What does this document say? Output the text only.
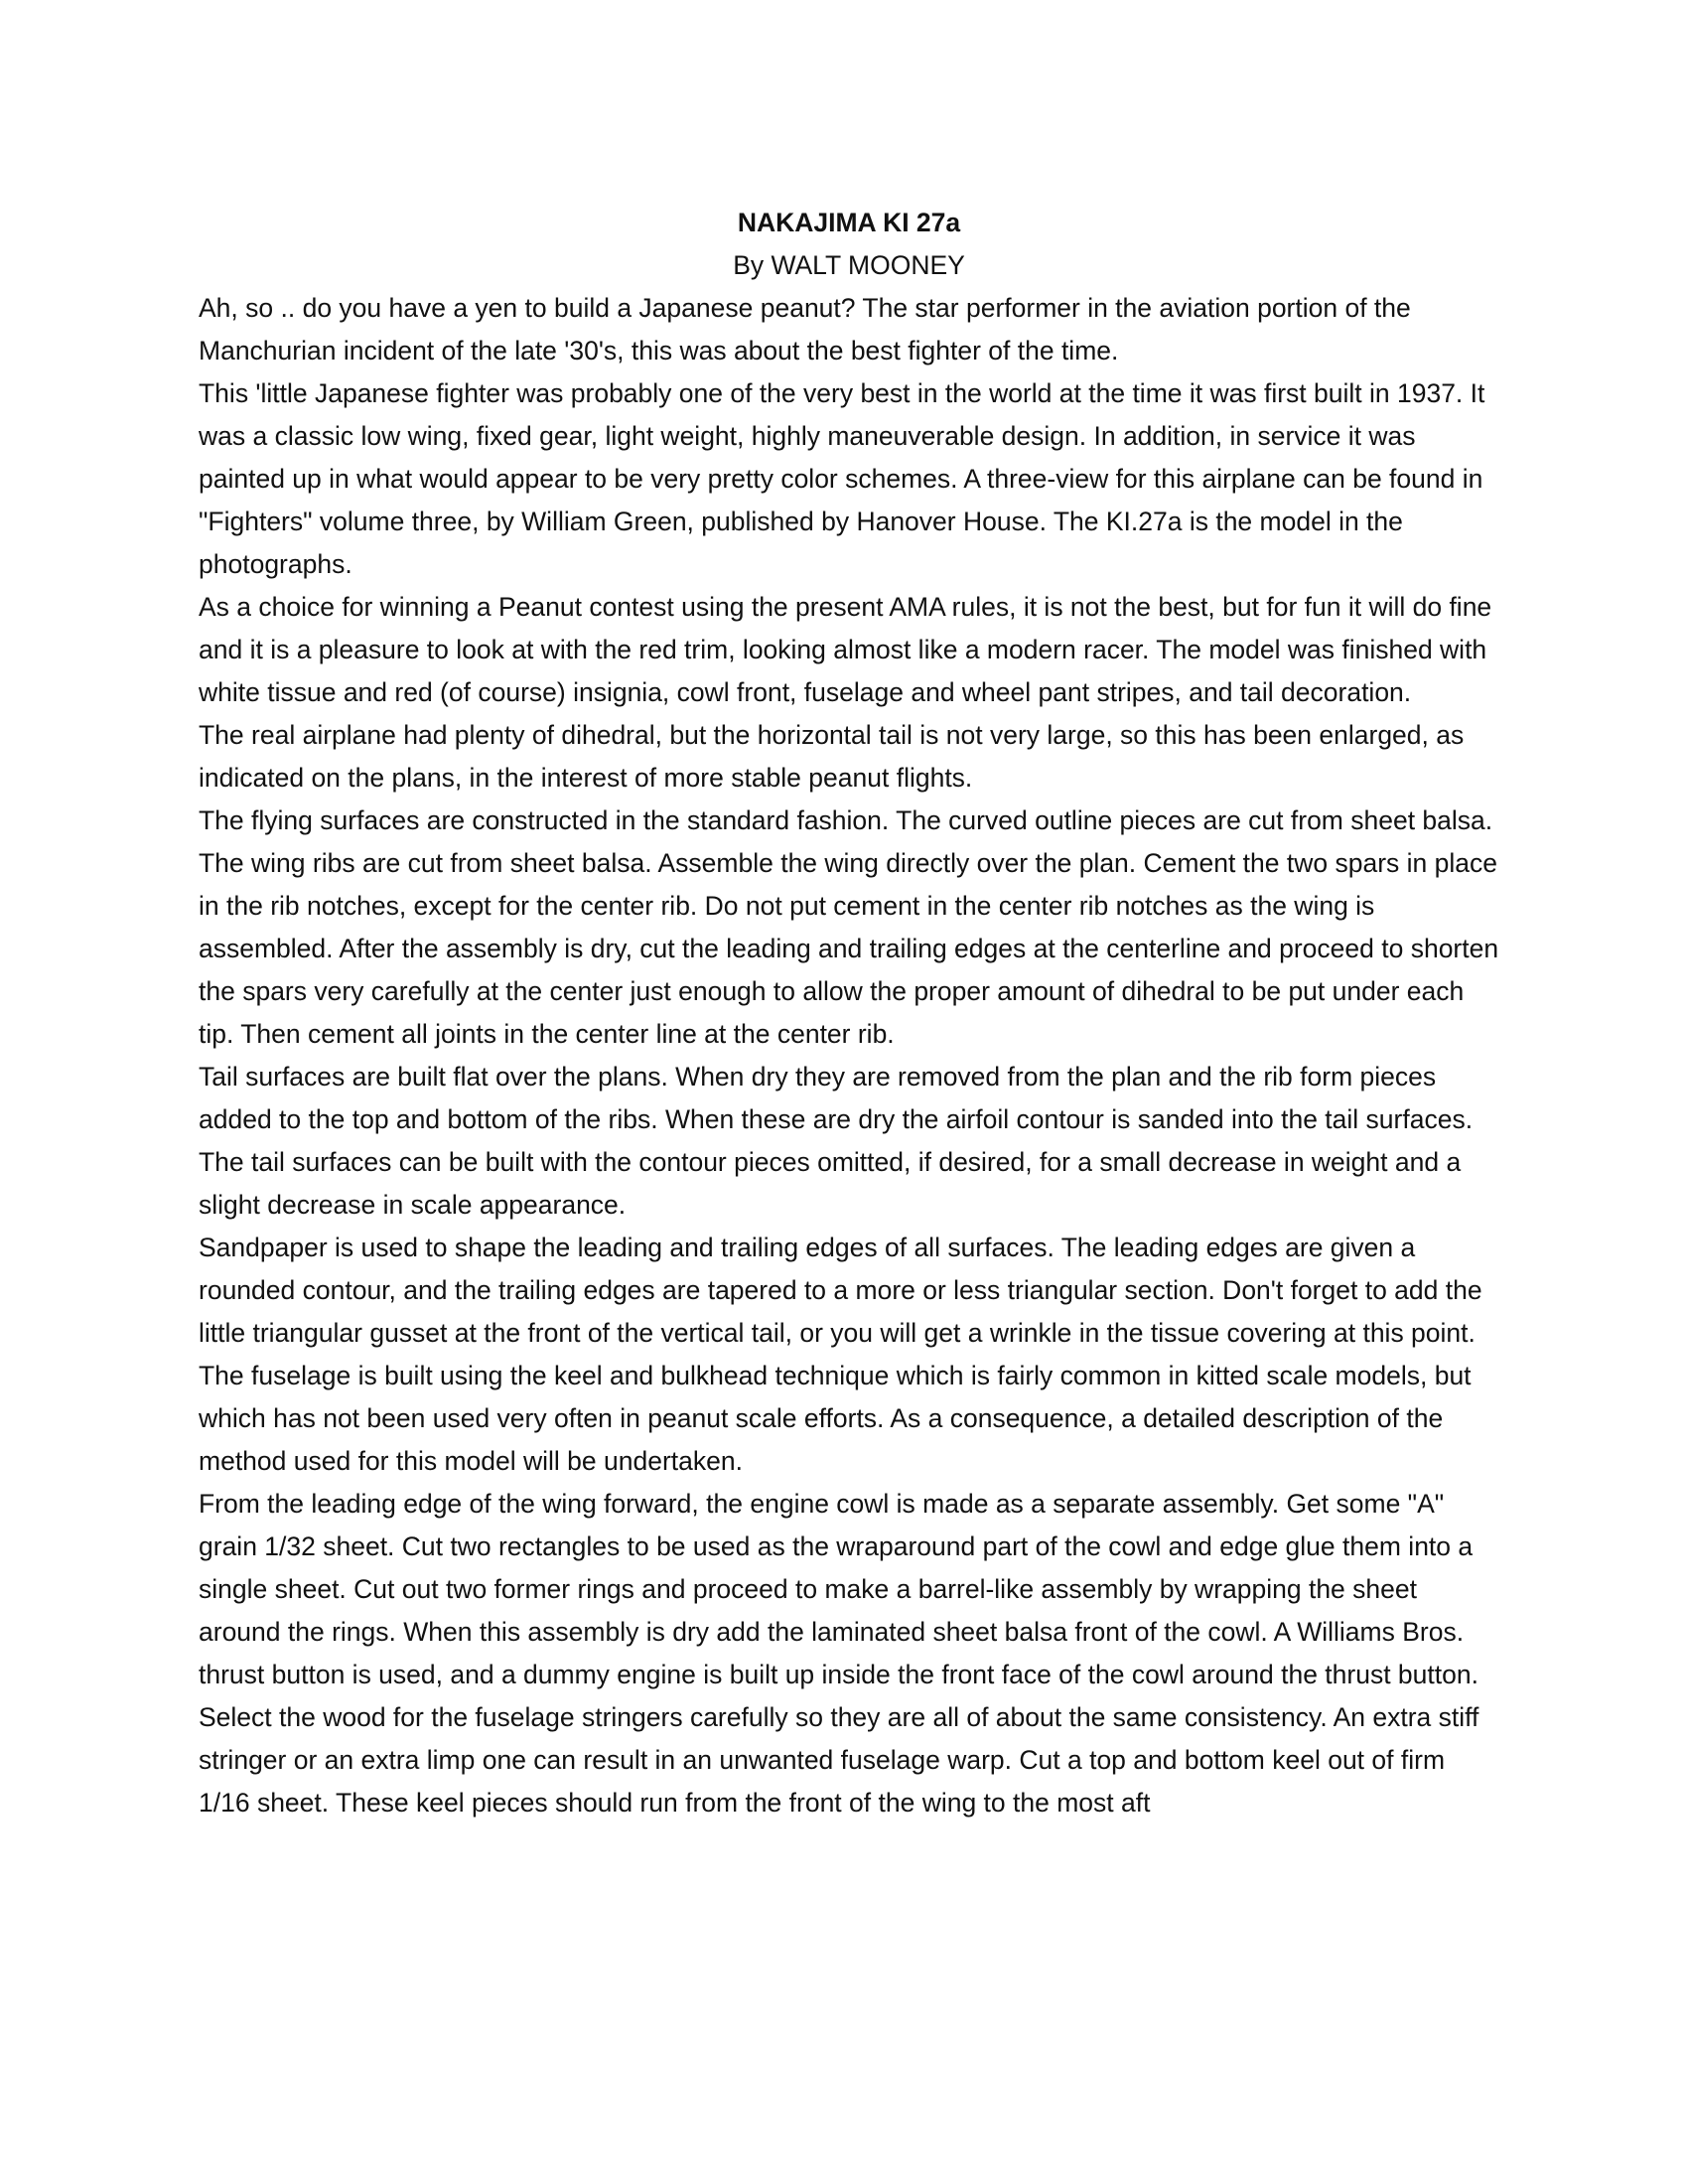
NAKAJIMA KI 27a
By WALT MOONEY

Ah, so .. do you have a yen to build a Japanese peanut? The star performer in the aviation portion of the Manchurian incident of the late '30's, this was about the best fighter of the time.

This 'little Japanese fighter was probably one of the very best in the world at the time it was first built in 1937. It was a classic low wing, fixed gear, light weight, highly maneuverable design. In addition, in service it was painted up in what would appear to be very pretty color schemes. A three-view for this airplane can be found in "Fighters" volume three, by William Green, published by Hanover House. The KI.27a is the model in the photographs.

As a choice for winning a Peanut contest using the present AMA rules, it is not the best, but for fun it will do fine and it is a pleasure to look at with the red trim, looking almost like a modern racer. The model was finished with white tissue and red (of course) insignia, cowl front, fuselage and wheel pant stripes, and tail decoration.

The real airplane had plenty of dihedral, but the horizontal tail is not very large, so this has been enlarged, as indicated on the plans, in the interest of more stable peanut flights.

The flying surfaces are constructed in the standard fashion. The curved outline pieces are cut from sheet balsa. The wing ribs are cut from sheet balsa. Assemble the wing directly over the plan. Cement the two spars in place in the rib notches, except for the center rib. Do not put cement in the center rib notches as the wing is assembled. After the assembly is dry, cut the leading and trailing edges at the centerline and proceed to shorten the spars very carefully at the center just enough to allow the proper amount of dihedral to be put under each tip. Then cement all joints in the center line at the center rib.

Tail surfaces are built flat over the plans. When dry they are removed from the plan and the rib form pieces added to the top and bottom of the ribs. When these are dry the airfoil contour is sanded into the tail surfaces.

The tail surfaces can be built with the contour pieces omitted, if desired, for a small decrease in weight and a slight decrease in scale appearance.

Sandpaper is used to shape the leading and trailing edges of all surfaces. The leading edges are given a rounded contour, and the trailing edges are tapered to a more or less triangular section. Don't forget to add the little triangular gusset at the front of the vertical tail, or you will get a wrinkle in the tissue covering at this point.

The fuselage is built using the keel and bulkhead technique which is fairly common in kitted scale models, but which has not been used very often in peanut scale efforts. As a consequence, a detailed description of the method used for this model will be undertaken.

From the leading edge of the wing forward, the engine cowl is made as a separate assembly. Get some "A" grain 1/32 sheet. Cut two rectangles to be used as the wraparound part of the cowl and edge glue them into a single sheet. Cut out two former rings and proceed to make a barrel-like assembly by wrapping the sheet around the rings. When this assembly is dry add the laminated sheet balsa front of the cowl. A Williams Bros. thrust button is used, and a dummy engine is built up inside the front face of the cowl around the thrust button.

Select the wood for the fuselage stringers carefully so they are all of about the same consistency. An extra stiff stringer or an extra limp one can result in an unwanted fuselage warp. Cut a top and bottom keel out of firm 1/16 sheet. These keel pieces should run from the front of the wing to the most aft
